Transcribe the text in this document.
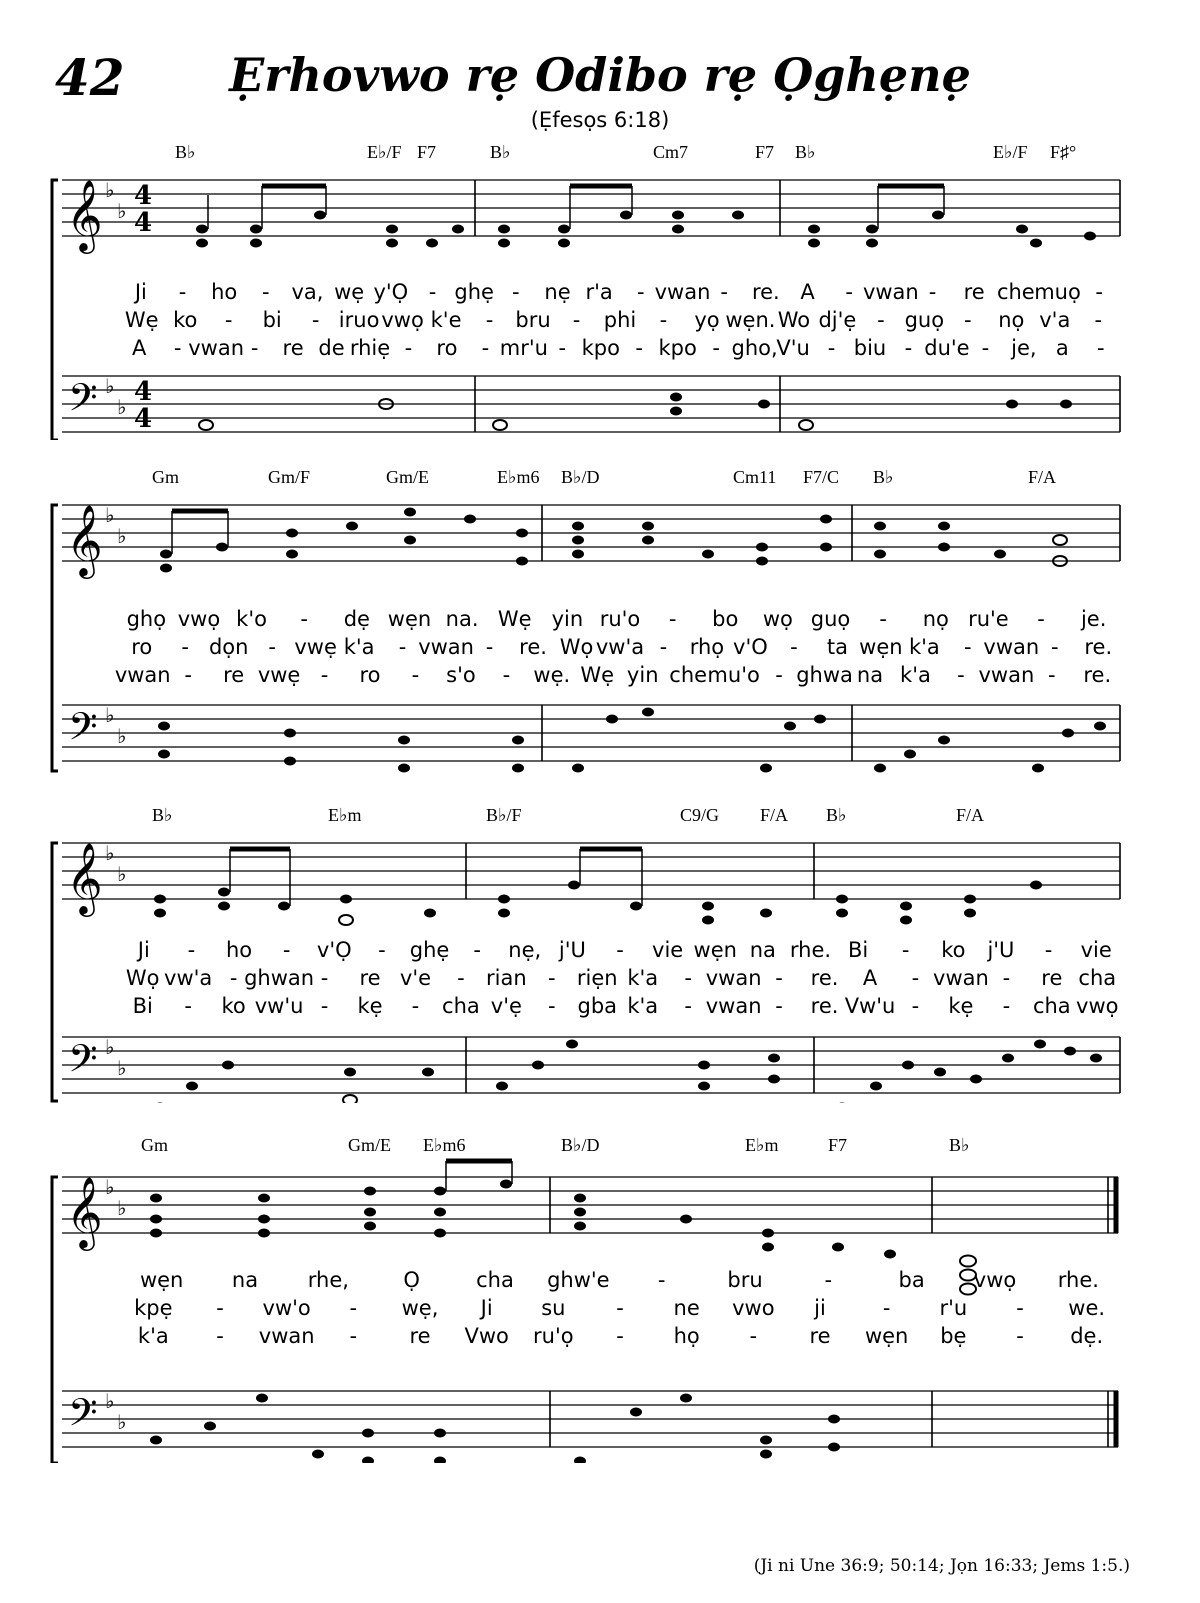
42	Ẹrhovwo rẹ Odibo rẹ Ọghẹnẹ
(Ẹfesọs 6:18)
B♭	E♭/F F7	B♭	Cm7	F7 B♭	E♭/F F♯°
𝄞 ♭
♭ 4
4
𝄢 ♭
♭ 4
4
Ji - ho - va, wẹ y'Ọ - ghẹ - nẹ r'a - vwan - re. A - vwan - re che muọ -
Wẹ ko - bi - iruo vwọ k'e - bru - phi - yọ wẹn. Wo dj'ẹ - guọ - nọ v'a -
A - vwan - re de rhiẹ - ro - mr'u - kpo - kpo - gho,
V'u - biu - du'e - je, a -
Gm	Gm/F	Gm/E	E♭m6 B♭/D	Cm11 F7/C B♭	F/A
𝄞 ♭
♭
𝄢 ♭
♭
ghọ vwọ k'o - dẹ wẹn na. Wẹ yin ru'o - bo wọ guọ - nọ ru'e - je.
ro - dọn - vwẹ k'a - vwan - re. Wọ vw'a - rhọ v'O - ta wẹn k'a - vwan - re.
vwan - re vwẹ - ro - s'o - wẹ. Wẹ yin che mu'o - ghwa na k'a - vwan - re.
B♭	E♭m	B♭/F	C9/G F/A B♭	F/A
𝄞 ♭
♭
𝄢 ♭
♭
Ji - ho - v'Ọ - ghẹ - nẹ, j'U - vie wẹn na rhe. Bi - ko j'U - vie
Wọ vw'a - ghwan - re v'e - rian - riẹn k'a - vwan - re. A - vwan - re cha
Bi - ko vw'u - kẹ - cha v'ẹ - gba k'a - vwan - re. Vw'u - kẹ - cha vwọ
Gm	Gm/E E♭m6	B♭/D	E♭m	F7	B♭
𝄞 ♭
♭
𝄢 ♭
♭
wẹn na rhe,	Ọ	cha ghw'e -	bru	-	ba vwọ rhe.
kpẹ - vw'o - wẹ, Ji su - ne vwo ji	- r'u - we.
k'a - vwan - re Vwo ru'ọ - họ - re wẹn bẹ - dẹ.
(Ji ni Une 36:9; 50:14; Jọn 16:33; Jems 1:5.)
